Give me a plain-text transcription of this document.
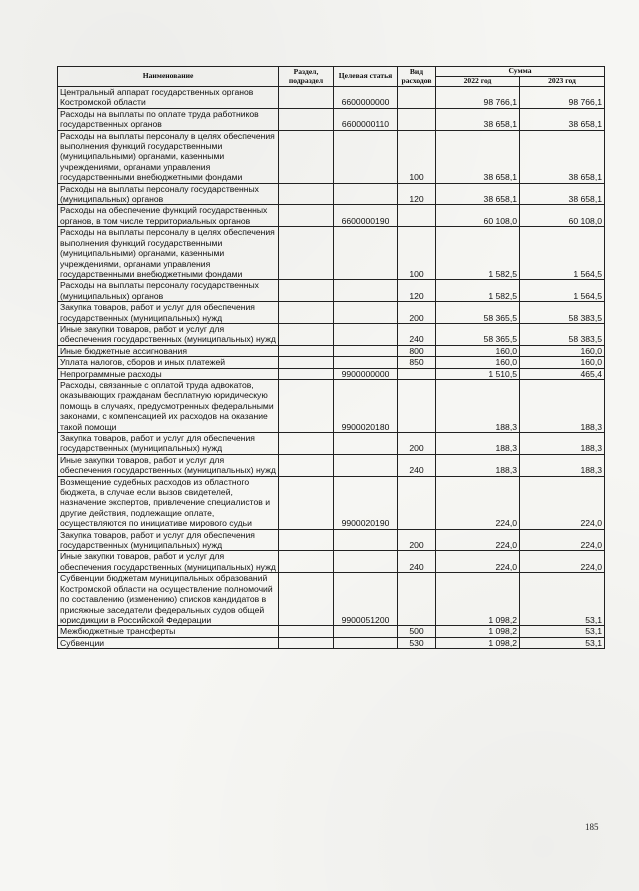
Наименование	Раздел, подраздел	Целевая статья	Вид расходов	Сумма	
				2022 год	2023 год
Центральный аппарат государственных органов Костромской области		6600000000		98 766,1	98 766,1
Расходы на выплаты по оплате труда работников государственных органов		6600000110		38 658,1	38 658,1
Расходы на выплаты персоналу в целях обеспечения выполнения функций государственными (муниципальными) органами, казенными учреждениями, органами управления государственными внебюджетными фондами			100	38 658,1	38 658,1
Расходы на выплаты персоналу государственных (муниципальных) органов			120	38 658,1	38 658,1
Расходы на обеспечение функций государственных органов, в том числе территориальных органов		6600000190		60 108,0	60 108,0
Расходы на выплаты персоналу в целях обеспечения выполнения функций государственными (муниципальными) органами, казенными учреждениями, органами управления государственными внебюджетными фондами			100	1 582,5	1 564,5
Расходы на выплаты персоналу государственных (муниципальных) органов			120	1 582,5	1 564,5
Закупка товаров, работ и услуг для обеспечения государственных (муниципальных) нужд			200	58 365,5	58 383,5
Иные закупки товаров, работ и услуг для обеспечения государственных (муниципальных) нужд			240	58 365,5	58 383,5
Иные бюджетные ассигнования			800	160,0	160,0
Уплата налогов, сборов и иных платежей			850	160,0	160,0
Непрограммные расходы		9900000000		1 510,5	465,4
Расходы, связанные с оплатой труда адвокатов, оказывающих гражданам бесплатную юридическую помощь в случаях, предусмотренных федеральными законами, с компенсацией их расходов на оказание такой помощи		9900020180		188,3	188,3
Закупка товаров, работ и услуг для обеспечения государственных (муниципальных) нужд			200	188,3	188,3
Иные закупки товаров, работ и услуг для обеспечения государственных (муниципальных) нужд			240	188,3	188,3
Возмещение судебных расходов из областного бюджета, в случае если вызов свидетелей, назначение экспертов, привлечение специалистов и другие действия, подлежащие оплате, осуществляются по инициативе мирового судьи		9900020190		224,0	224,0
Закупка товаров, работ и услуг для обеспечения государственных (муниципальных) нужд			200	224,0	224,0
Иные закупки товаров, работ и услуг для обеспечения государственных (муниципальных) нужд			240	224,0	224,0
Субвенции бюджетам муниципальных образований Костромской области на осуществление полномочий по составлению (изменению) списков кандидатов в присяжные заседатели федеральных судов общей юрисдикции в Российской Федерации		9900051200		1 098,2	53,1
Межбюджетные трансферты			500	1 098,2	53,1
Субвенции			530	1 098,2	53,1
185
